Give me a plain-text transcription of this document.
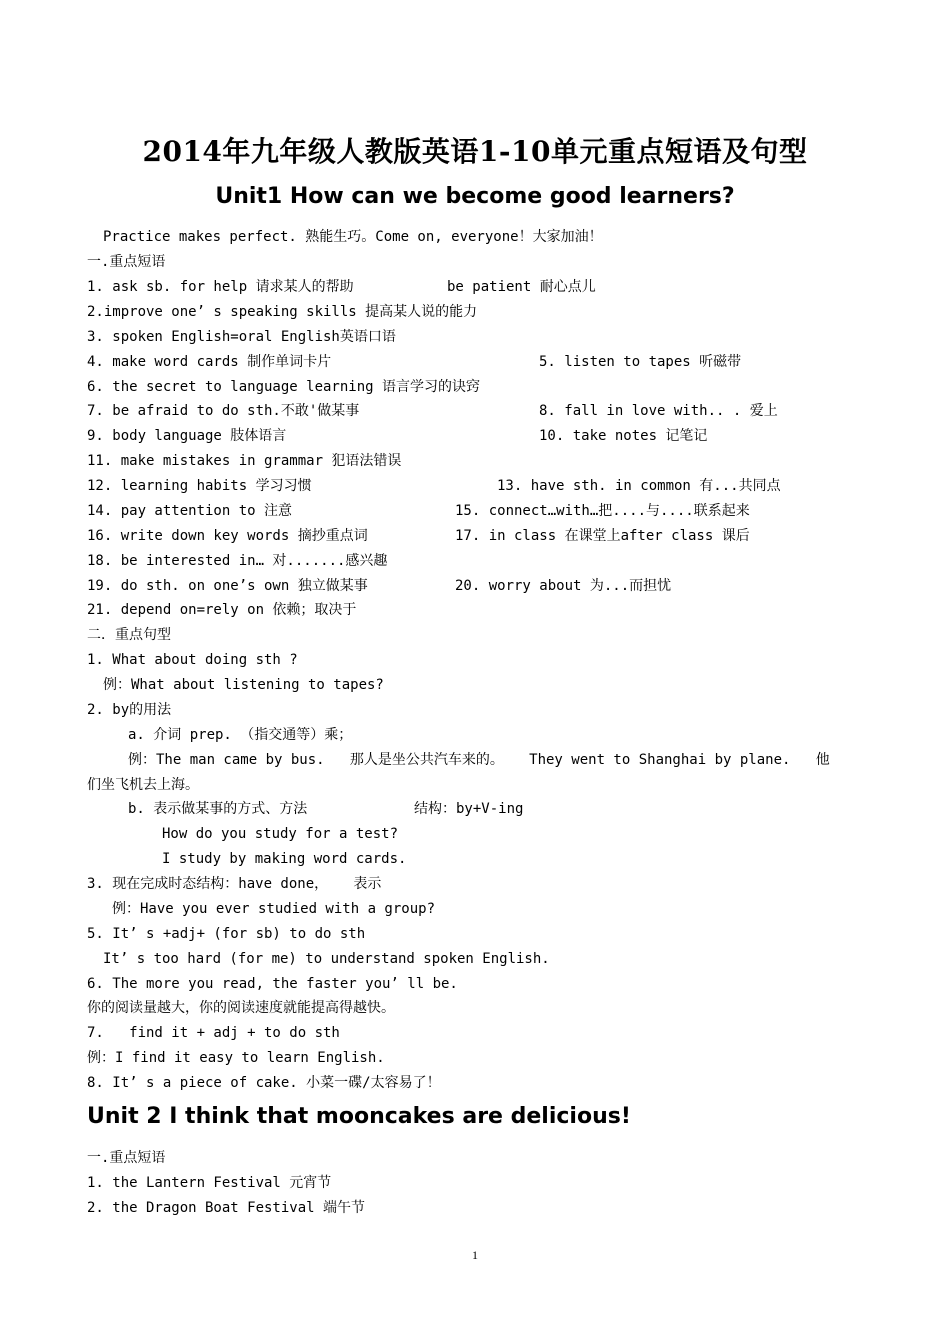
2014年九年级人教版英语1-10单元重点短语及句型
Unit1 How can we become good learners?
Practice makes perfect. 熟能生巧。Come on, everyone！大家加油！
一.重点短语
1. ask sb. for help 请求某人的帮助	be patient 耐心点儿
2.improve one’ s speaking skills 提高某人说的能力
3. spoken English=oral English英语口语
4. make word cards 制作单词卡片	5. listen to tapes 听磁带
6. the secret to language learning 语言学习的诀窍
7. be afraid to do sth.不敢'做某事	8. fall in love with.. . 爱上
9. body language 肢体语言	10. take notes 记笔记
11. make mistakes in grammar 犯语法错误
12. learning habits 学习习惯	13. have sth. in common 有...共同点
14. pay attention to 注意	15. connect…with…把....与....联系起来
16. write down key words 摘抄重点词	17. in class 在课堂上after class 课后
18. be interested in… 对.......感兴趣
19. do sth. on one’s own 独立做某事	20. worry about 为...而担忧
21. depend on=rely on 依赖；取决于
二．重点句型
1. What about doing sth ?
例：What about listening to tapes?
2. by的用法
a. 介词 prep. （指交通等）乘；
例：The man came by bus.   那人是坐公共汽车来的。   They went to Shanghai by plane.   他
们坐飞机去上海。
b. 表示做某事的方式、方法	结构：by+V-ing
How do you study for a test?
I study by making word cards.
3. 现在完成时态结构：have done，   表示
例：Have you ever studied with a group?
5. It’ s +adj+ (for sb) to do sth
It’ s too hard (for me) to understand spoken English.
6. The more you read, the faster you’ ll be.
你的阅读量越大，你的阅读速度就能提高得越快。
7.   find it + adj + to do sth
例：I find it easy to learn English.
8. It’ s a piece of cake. 小菜一碟/太容易了！
Unit 2 I think that mooncakes are delicious!
一.重点短语
1. the Lantern Festival 元宵节
2. the Dragon Boat Festival 端午节
1
